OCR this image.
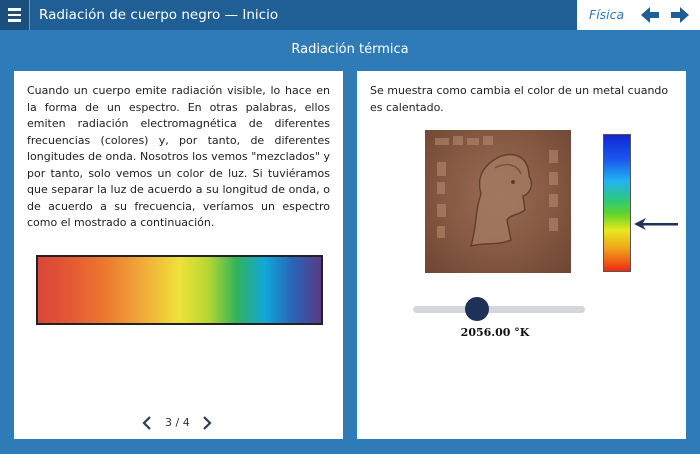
Radiación de cuerpo negro — Inicio	Física
Radiación térmica

Cuando un cuerpo emite radiación visible, lo hace en la forma de un espectro. En otras palabras, ellos emiten radiación electromagnética de diferentes frecuencias (colores) y, por tanto, de diferentes longitudes de onda. Nosotros los vemos "mezclados" y por tanto, solo vemos un color de luz. Si tuviéramos que separar la luz de acuerdo a su longitud de onda, o de acuerdo a su frecuencia, veríamos un espectro como el mostrado a continuación.

3 / 4

Se muestra como cambia el color de un metal cuando es calentado.

2056.00 °K
